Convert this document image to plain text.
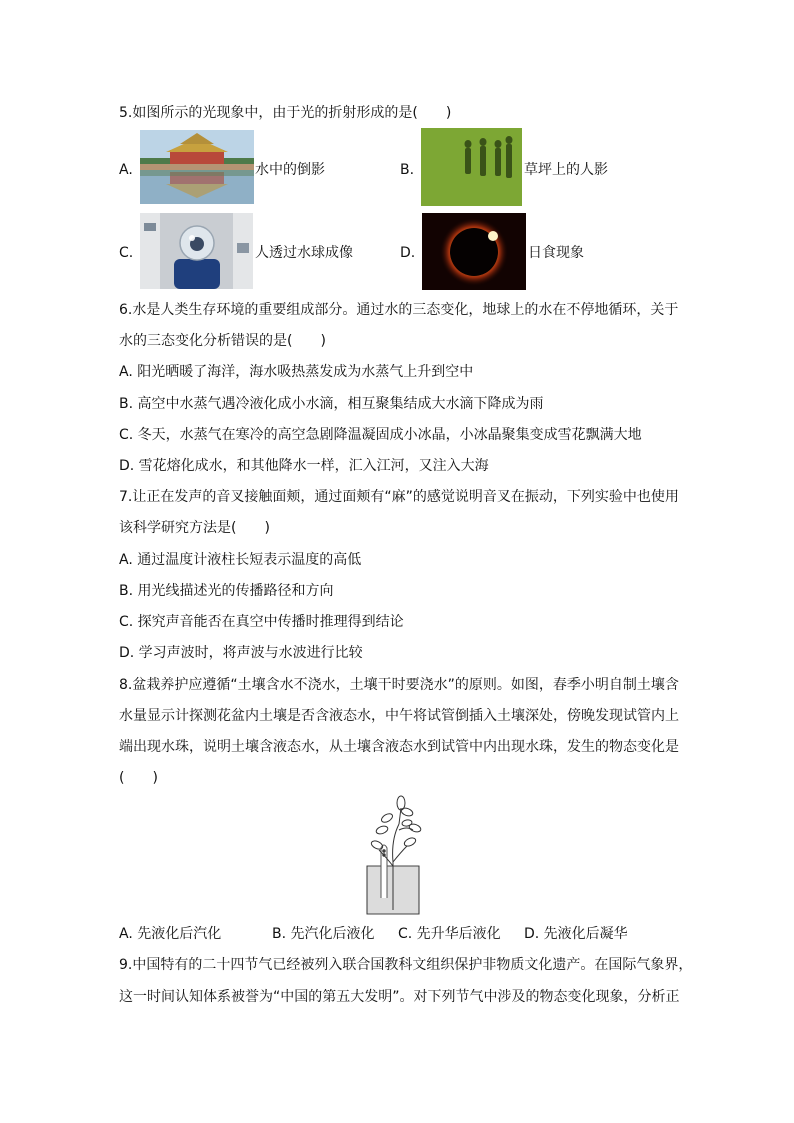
5.如图所示的光现象中，由于光的折射形成的是(　　)
A.	水中的倒影	B.	草坪上的人影
C.	人透过水球成像	D.	日食现象
6.水是人类生存环境的重要组成部分。通过水的三态变化，地球上的水在不停地循环，关于
水的三态变化分析错误的是(　　)
A. 阳光晒暖了海洋，海水吸热蒸发成为水蒸气上升到空中
B. 高空中水蒸气遇冷液化成小水滴，相互聚集结成大水滴下降成为雨
C. 冬天，水蒸气在寒冷的高空急剧降温凝固成小冰晶，小冰晶聚集变成雪花飘满大地
D. 雪花熔化成水，和其他降水一样，汇入江河，又注入大海
7.让正在发声的音叉接触面颊，通过面颊有“麻”的感觉说明音叉在振动，下列实验中也使用
该科学研究方法是(　　)
A. 通过温度计液柱长短表示温度的高低
B. 用光线描述光的传播路径和方向
C. 探究声音能否在真空中传播时推理得到结论
D. 学习声波时，将声波与水波进行比较
8.盆栽养护应遵循“土壤含水不浇水，土壤干时要浇水”的原则。如图，春季小明自制土壤含
水量显示计探测花盆内土壤是否含液态水，中午将试管倒插入土壤深处，傍晚发现试管内上
端出现水珠，说明土壤含液态水，从土壤含液态水到试管中内出现水珠，发生的物态变化是
(　　)
A. 先液化后汽化	B. 先汽化后液化 C. 先升华后液化 D. 先液化后凝华
9.中国特有的二十四节气已经被列入联合国教科文组织保护非物质文化遗产。在国际气象界，
这一时间认知体系被誉为“中国的第五大发明”。对下列节气中涉及的物态变化现象，分析正
